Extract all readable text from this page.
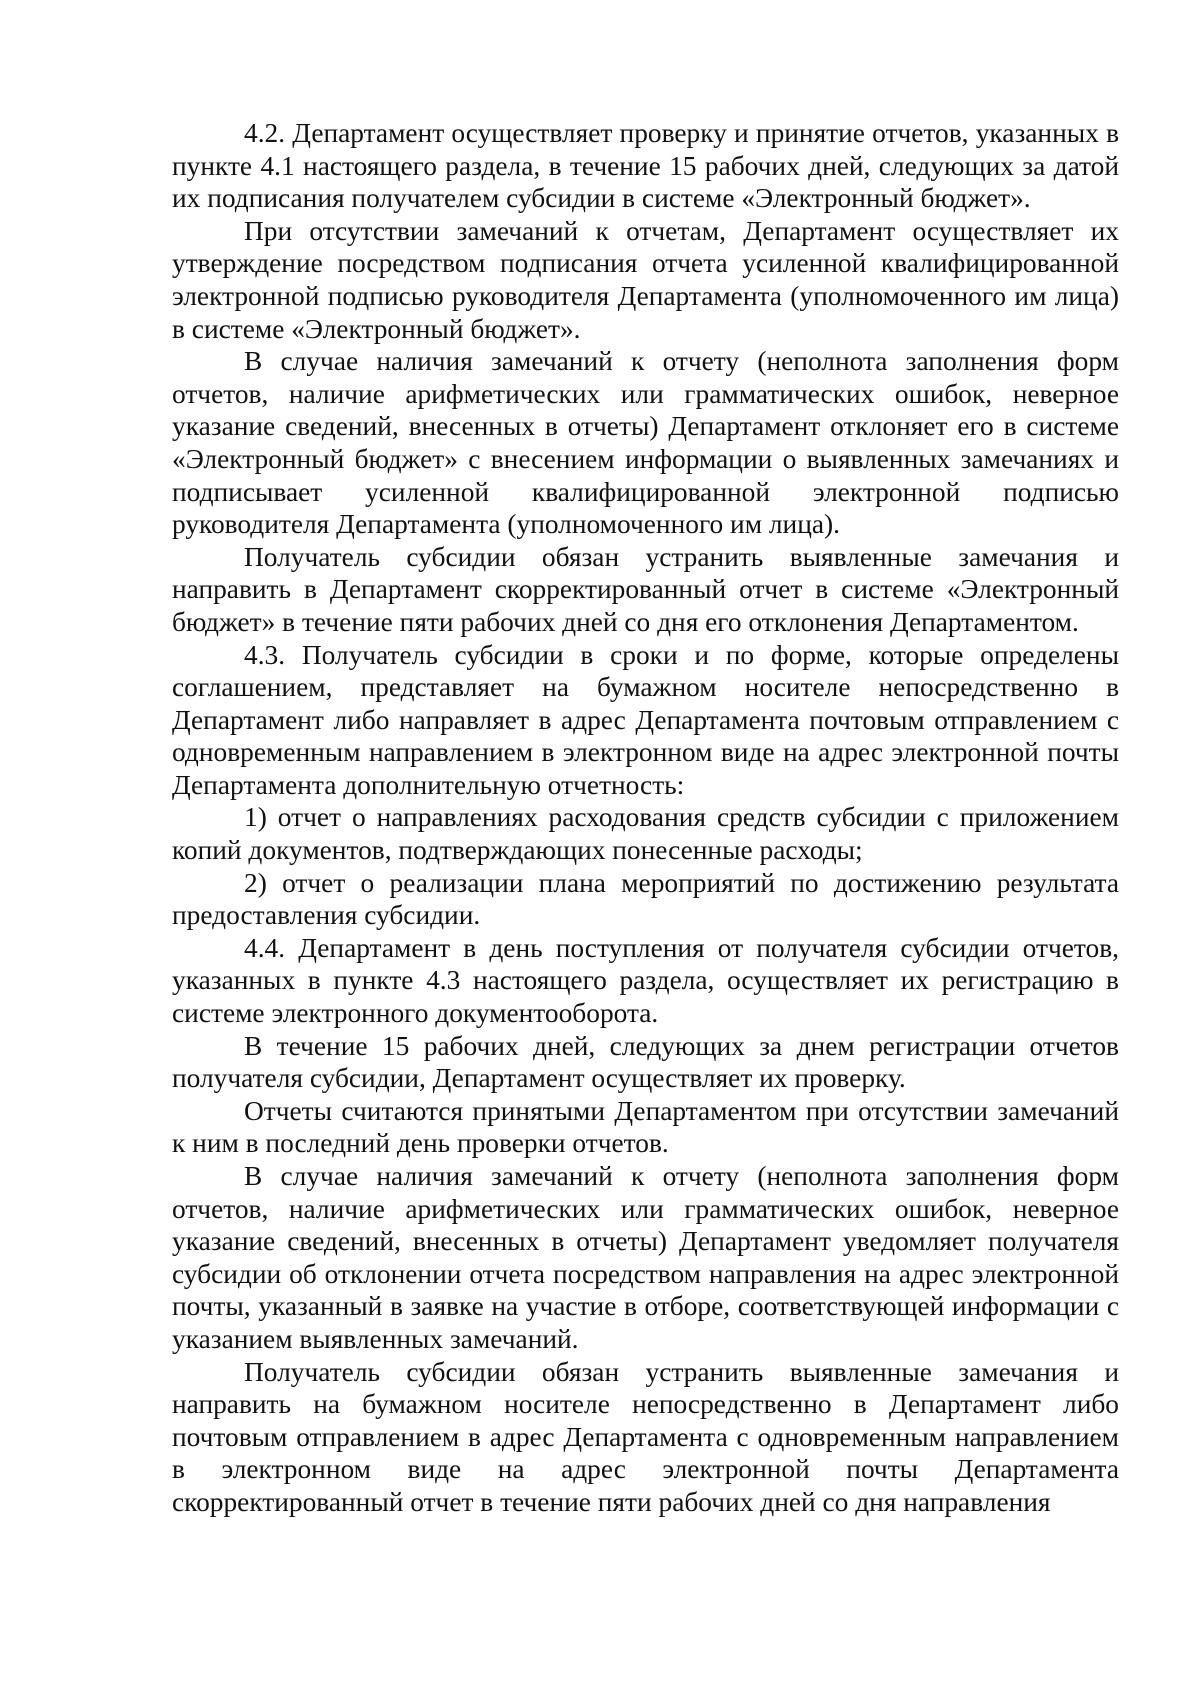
4.2. Департамент осуществляет проверку и принятие отчетов, указанных в пункте 4.1 настоящего раздела, в течение 15 рабочих дней, следующих за датой их подписания получателем субсидии в системе «Электронный бюджет».

При отсутствии замечаний к отчетам, Департамент осуществляет их утверждение посредством подписания отчета усиленной квалифицированной электронной подписью руководителя Департамента (уполномоченного им лица) в системе «Электронный бюджет».

В случае наличия замечаний к отчету (неполнота заполнения форм отчетов, наличие арифметических или грамматических ошибок, неверное указание сведений, внесенных в отчеты) Департамент отклоняет его в системе «Электронный бюджет» с внесением информации о выявленных замечаниях и подписывает усиленной квалифицированной электронной подписью руководителя Департамента (уполномоченного им лица).

Получатель субсидии обязан устранить выявленные замечания и направить в Департамент скорректированный отчет в системе «Электронный бюджет» в течение пяти рабочих дней со дня его отклонения Департаментом.

4.3. Получатель субсидии в сроки и по форме, которые определены соглашением, представляет на бумажном носителе непосредственно в Департамент либо направляет в адрес Департамента почтовым отправлением с одновременным направлением в электронном виде на адрес электронной почты Департамента дополнительную отчетность:

1) отчет о направлениях расходования средств субсидии с приложением копий документов, подтверждающих понесенные расходы;

2) отчет о реализации плана мероприятий по достижению результата предоставления субсидии.

4.4. Департамент в день поступления от получателя субсидии отчетов, указанных в пункте 4.3 настоящего раздела, осуществляет их регистрацию в системе электронного документооборота.

В течение 15 рабочих дней, следующих за днем регистрации отчетов получателя субсидии, Департамент осуществляет их проверку.

Отчеты считаются принятыми Департаментом при отсутствии замечаний к ним в последний день проверки отчетов.

В случае наличия замечаний к отчету (неполнота заполнения форм отчетов, наличие арифметических или грамматических ошибок, неверное указание сведений, внесенных в отчеты) Департамент уведомляет получателя субсидии об отклонении отчета посредством направления на адрес электронной почты, указанный в заявке на участие в отборе, соответствующей информации с указанием выявленных замечаний.

Получатель субсидии обязан устранить выявленные замечания и направить на бумажном носителе непосредственно в Департамент либо почтовым отправлением в адрес Департамента с одновременным направлением в электронном виде на адрес электронной почты Департамента скорректированный отчет в течение пяти рабочих дней со дня направления
